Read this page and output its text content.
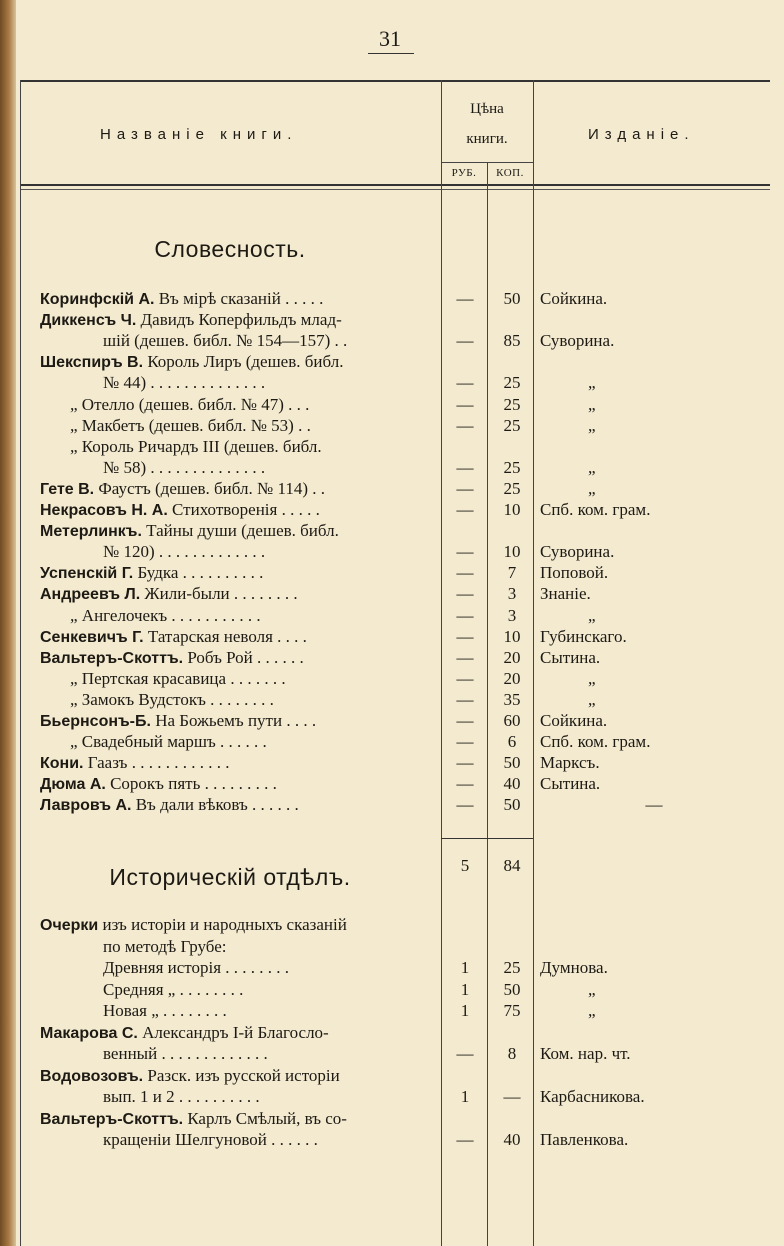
31
Названіе книги.
Цѣна книги.
РУБ.	КОП.
Изданіе.
Словесность.
Коринфскій А. Въ мірѣ сказаній . . . . .	—	50	Сойкина.
Диккенсъ Ч. Давидъ Коперфильдъ млад-
шій (дешев. библ. № 154—157) . .	—	85	Суворина.
Шекспиръ В. Король Лиръ (дешев. библ.
№ 44) . . . . . . . . . . . . . .	—	25	„
„ Отелло (дешев. библ. № 47) . . .	—	25	„
„ Макбетъ (дешев. библ. № 53) . .	—	25	„
„ Король Ричардъ III (дешев. библ.
№ 58) . . . . . . . . . . . . . .	—	25	„
Гете В. Фаустъ (дешев. библ. № 114) . .	—	25	„
Некрасовъ Н. А. Стихотворенія . . . . .	—	10	Спб. ком. грам.
Метерлинкъ. Тайны души (дешев. библ.
№ 120) . . . . . . . . . . . . .	—	10	Суворина.
Успенскій Г. Будка . . . . . . . . . .	—	7	Поповой.
Андреевъ Л. Жили-были . . . . . . . .	—	3	Знаніе.
„ Ангелочекъ . . . . . . . . . . .	—	3	„
Сенкевичъ Г. Татарская неволя . . . .	—	10	Губинскаго.
Вальтеръ-Скоттъ. Робъ Рой . . . . . .	—	20	Сытина.
„ Пертская красавица . . . . . . .	—	20	„
„ Замокъ Вудстокъ . . . . . . . .	—	35	„
Бьернсонъ-Б. На Божьемъ пути . . . .	—	60	Сойкина.
„ Свадебный маршъ . . . . . .	—	6	Спб. ком. грам.
Кони. Гаазъ . . . . . . . . . . . .	—	50	Марксъ.
Дюма А. Сорокъ пять . . . . . . . . .	—	40	Сытина.
Лавровъ А. Въ дали вѣковъ . . . . . .	—	50	—
5	84
Историческій отдѣлъ.
Очерки изъ исторіи и народныхъ сказаній
по методѣ Грубе:
Древняя исторія . . . . . . . .	1	25	Думнова.
Средняя „ . . . . . . . .	1	50	„
Новая „ . . . . . . . .	1	75	„
Макарова С. Александръ I-й Благосло-
венный . . . . . . . . . . . . .	—	8	Ком. нар. чт.
Водовозовъ. Разск. изъ русской исторіи
вып. 1 и 2 . . . . . . . . . .	1	—	Карбасникова.
Вальтеръ-Скоттъ. Карлъ Смѣлый, въ со-
кращеніи Шелгуновой . . . . . .	—	40	Павленкова.
